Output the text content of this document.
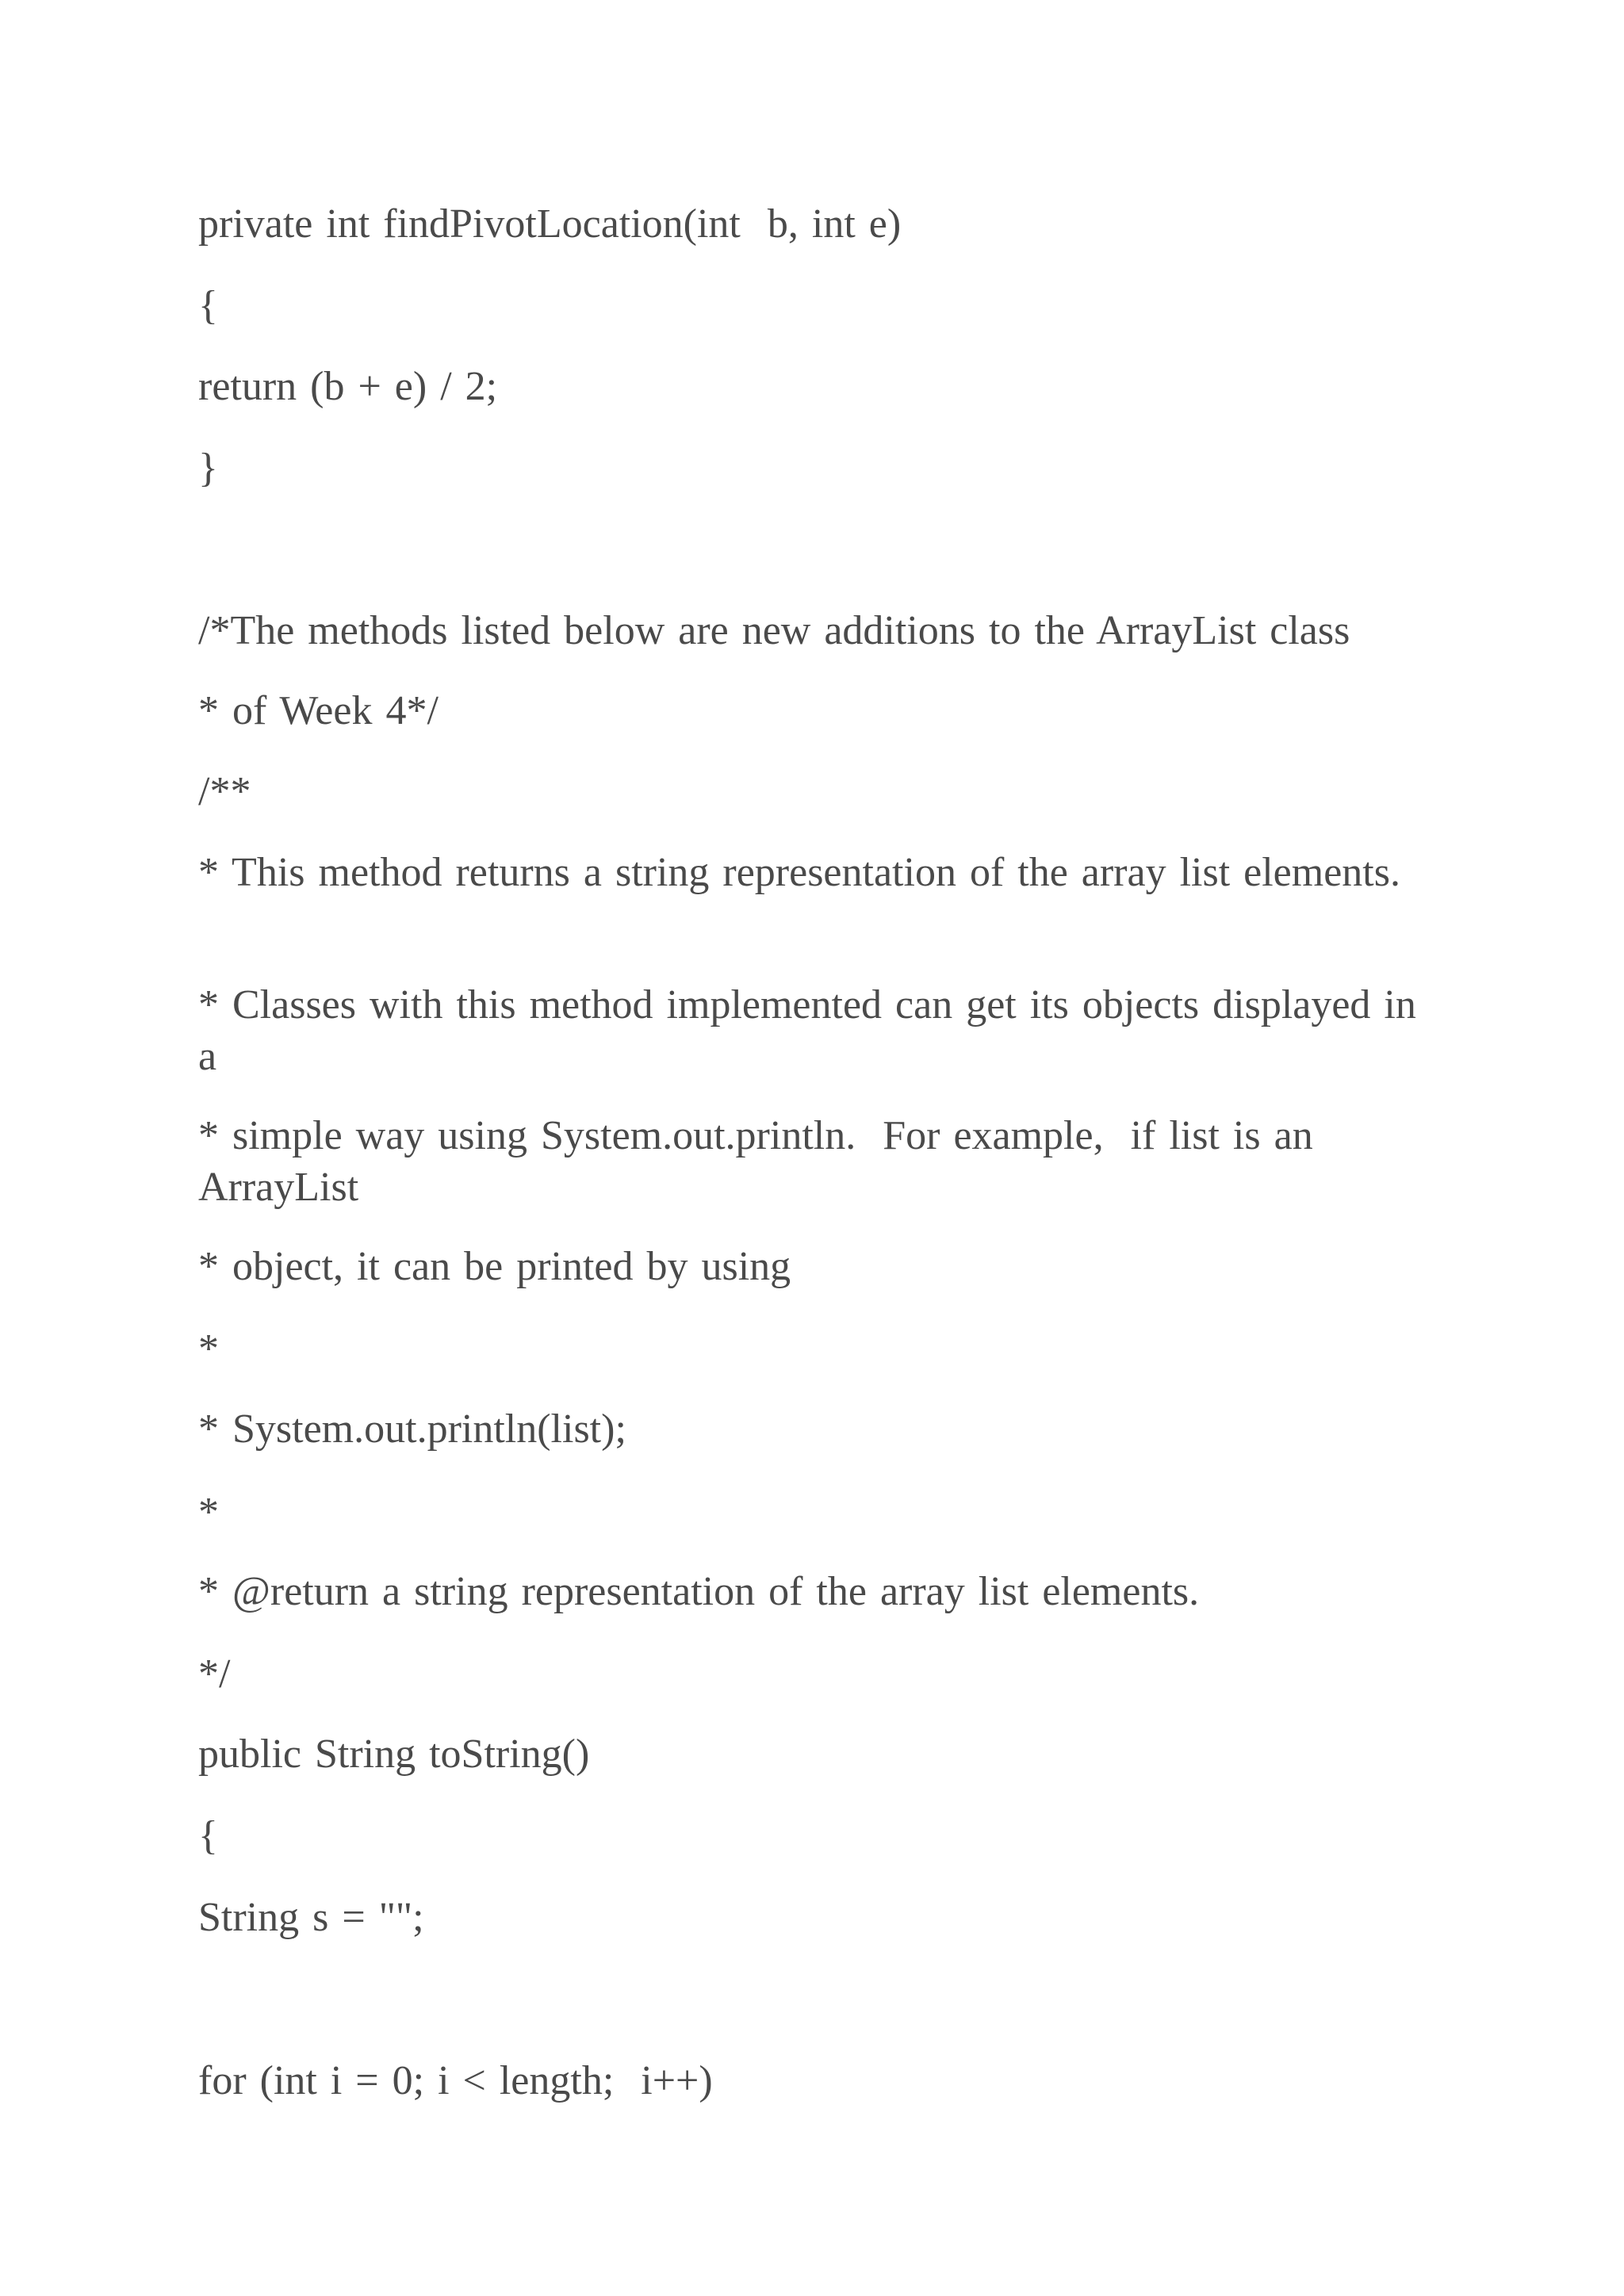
private int findPivotLocation(int  b, int e)

{

return (b + e) / 2;

}

/*The methods listed below are new additions to the ArrayList class

* of Week 4*/

/**

* This method returns a string representation of the array list elements.

* Classes with this method implemented can get its objects displayed in a

* simple way using System.out.println.  For example,  if list is an ArrayList

* object, it can be printed by using

*

* System.out.println(list);

*

* @return a string representation of the array list elements.

*/

public String toString()

{

String s = "";

for (int i = 0; i < length;  i++)
